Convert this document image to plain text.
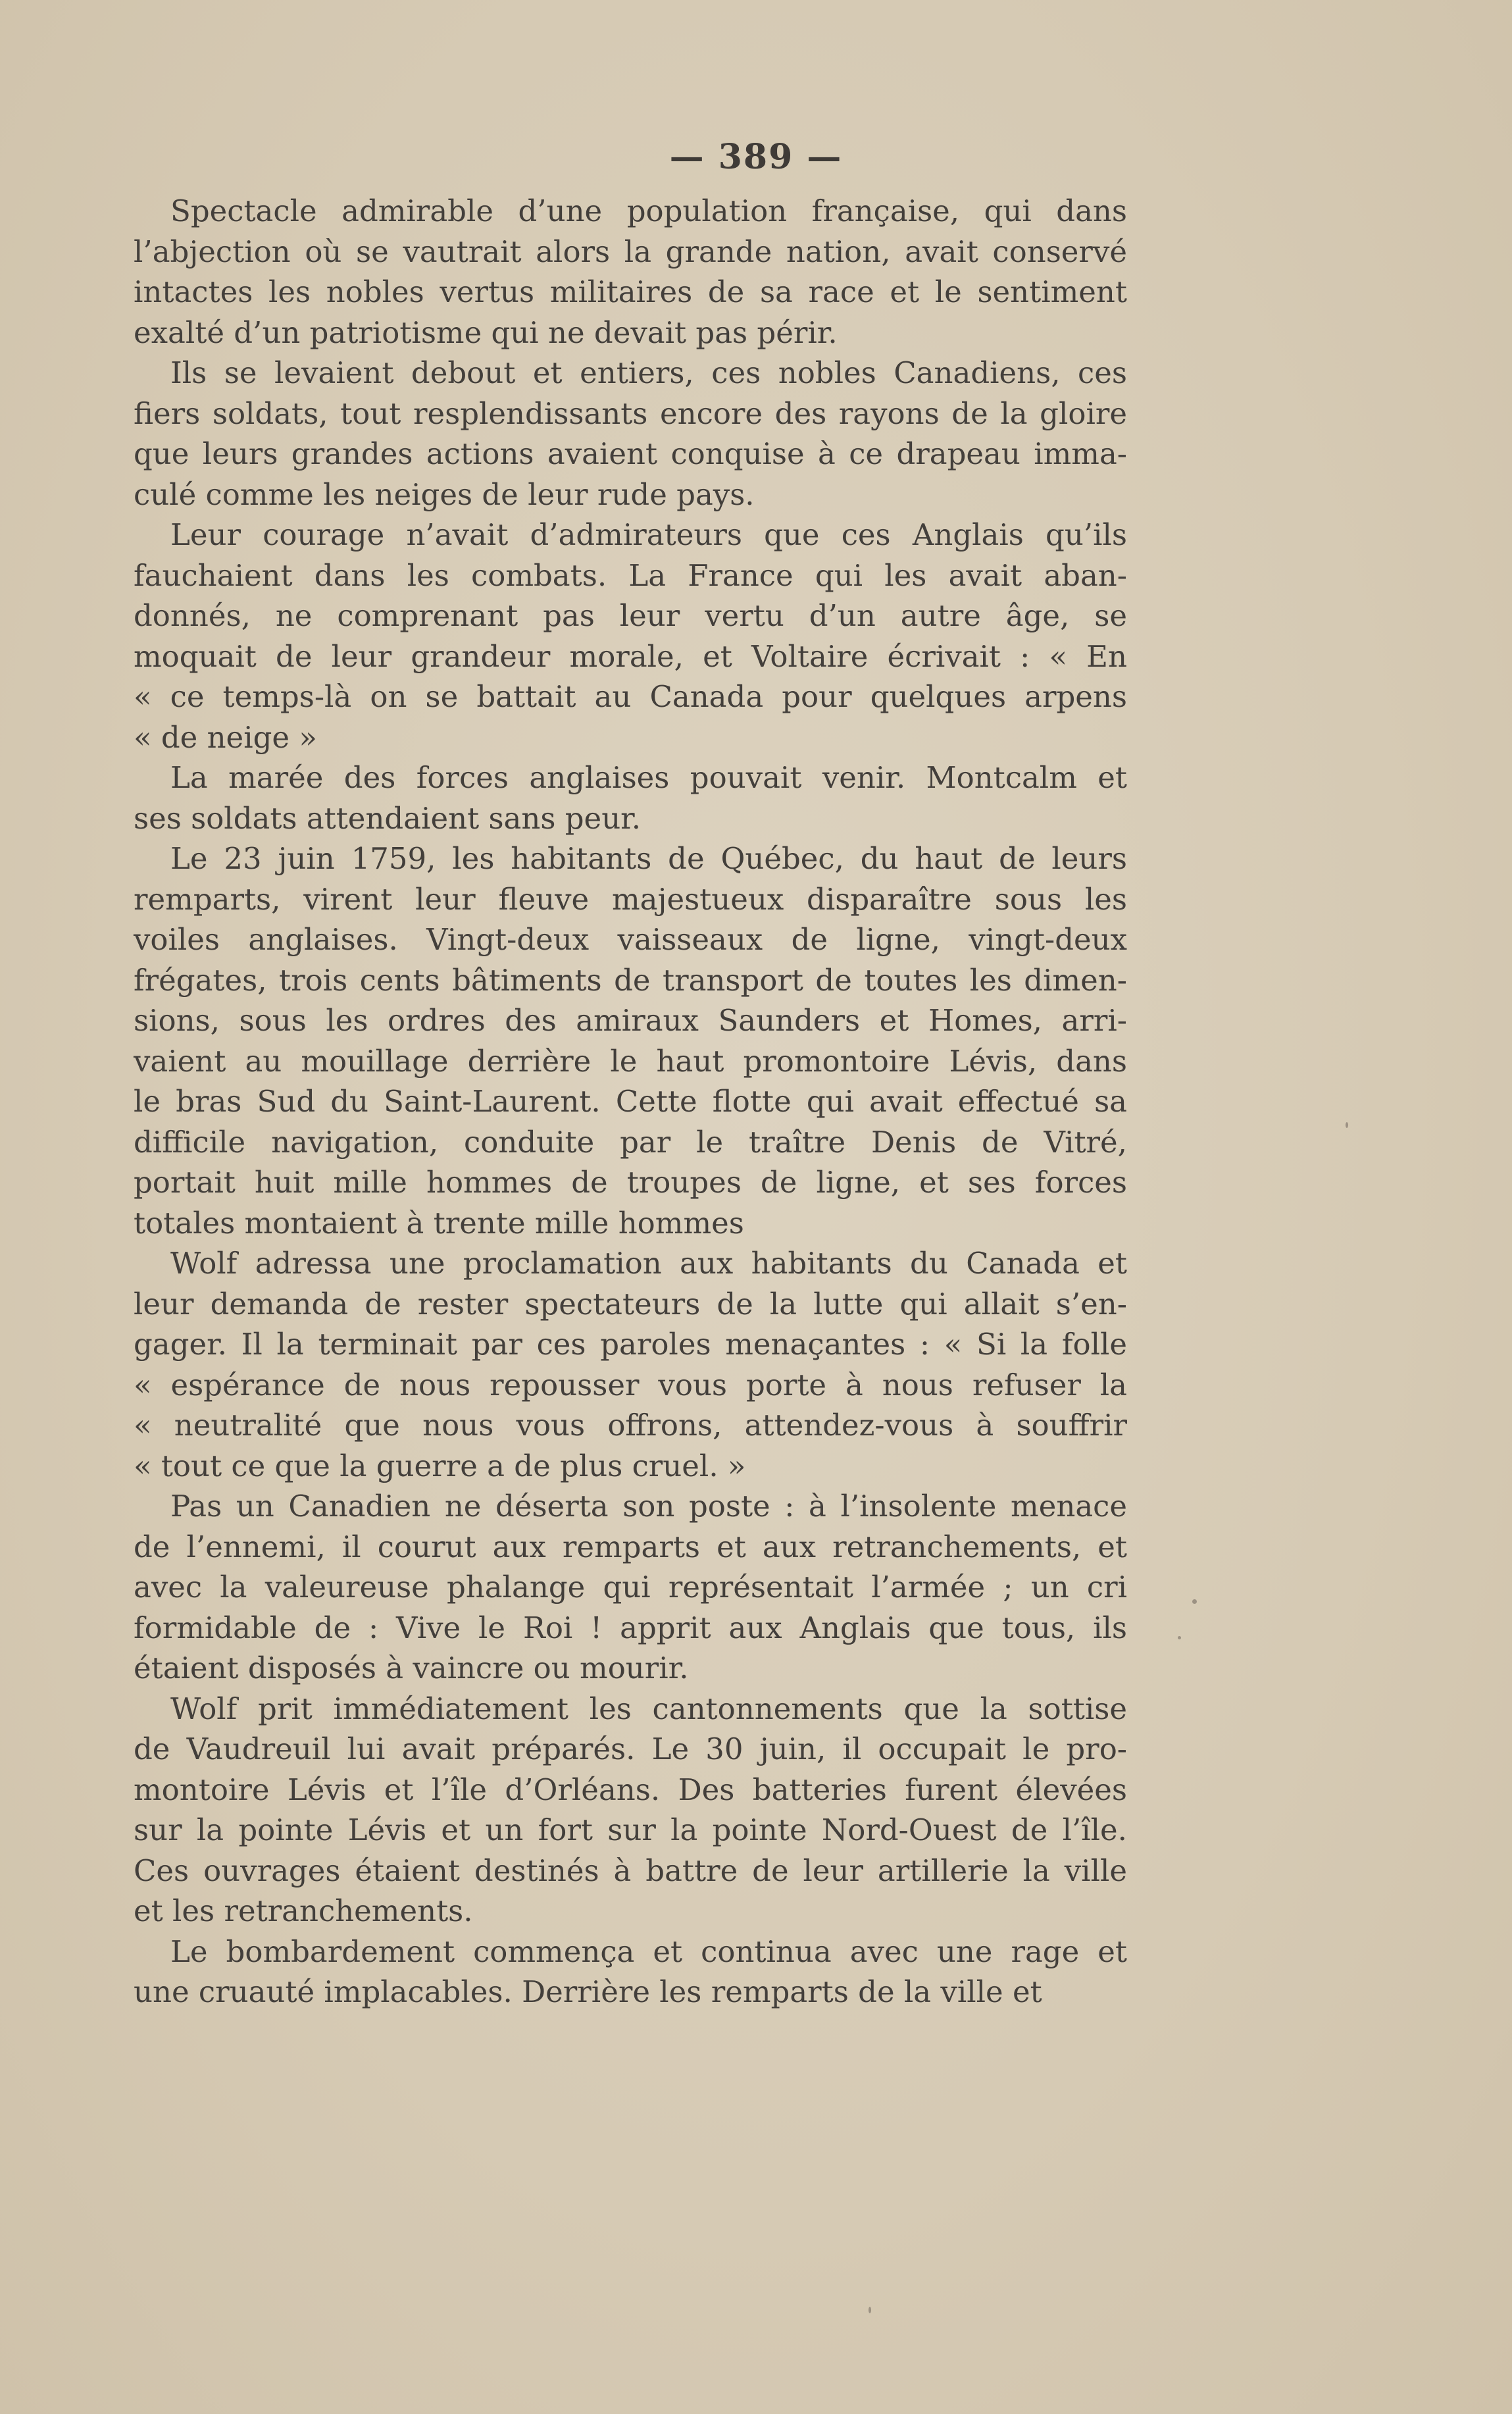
— 389 —
Spectacle admirable d’une population française, qui dans
l’abjection où se vautrait alors la grande nation, avait conservé
intactes les nobles vertus militaires de sa race et le sentiment
exalté d’un patriotisme qui ne devait pas périr.
Ils se levaient debout et entiers, ces nobles Canadiens, ces
fiers soldats, tout resplendissants encore des rayons de la gloire
que leurs grandes actions avaient conquise à ce drapeau imma-
culé comme les neiges de leur rude pays.
Leur courage n’avait d’admirateurs que ces Anglais qu’ils
fauchaient dans les combats. La France qui les avait aban-
donnés, ne comprenant pas leur vertu d’un autre âge, se
moquait de leur grandeur morale, et Voltaire écrivait : « En
« ce temps-là on se battait au Canada pour quelques arpens
« de neige »
La marée des forces anglaises pouvait venir. Montcalm et
ses soldats attendaient sans peur.
Le 23 juin 1759, les habitants de Québec, du haut de leurs
remparts, virent leur fleuve majestueux disparaître sous les
voiles anglaises. Vingt-deux vaisseaux de ligne, vingt-deux
frégates, trois cents bâtiments de transport de toutes les dimen-
sions, sous les ordres des amiraux Saunders et Homes, arri-
vaient au mouillage derrière le haut promontoire Lévis, dans
le bras Sud du Saint-Laurent. Cette flotte qui avait effectué sa
difficile navigation, conduite par le traître Denis de Vitré,
portait huit mille hommes de troupes de ligne, et ses forces
totales montaient à trente mille hommes
Wolf adressa une proclamation aux habitants du Canada et
leur demanda de rester spectateurs de la lutte qui allait s’en-
gager. Il la terminait par ces paroles menaçantes : « Si la folle
« espérance de nous repousser vous porte à nous refuser la
« neutralité que nous vous offrons, attendez-vous à souffrir
« tout ce que la guerre a de plus cruel. »
Pas un Canadien ne déserta son poste : à l’insolente menace
de l’ennemi, il courut aux remparts et aux retranchements, et
avec la valeureuse phalange qui représentait l’armée ; un cri
formidable de : Vive le Roi ! apprit aux Anglais que tous, ils
étaient disposés à vaincre ou mourir.
Wolf prit immédiatement les cantonnements que la sottise
de Vaudreuil lui avait préparés. Le 30 juin, il occupait le pro-
montoire Lévis et l’île d’Orléans. Des batteries furent élevées
sur la pointe Lévis et un fort sur la pointe Nord-Ouest de l’île.
Ces ouvrages étaient destinés à battre de leur artillerie la ville
et les retranchements.
Le bombardement commença et continua avec une rage et
une cruauté implacables. Derrière les remparts de la ville et
